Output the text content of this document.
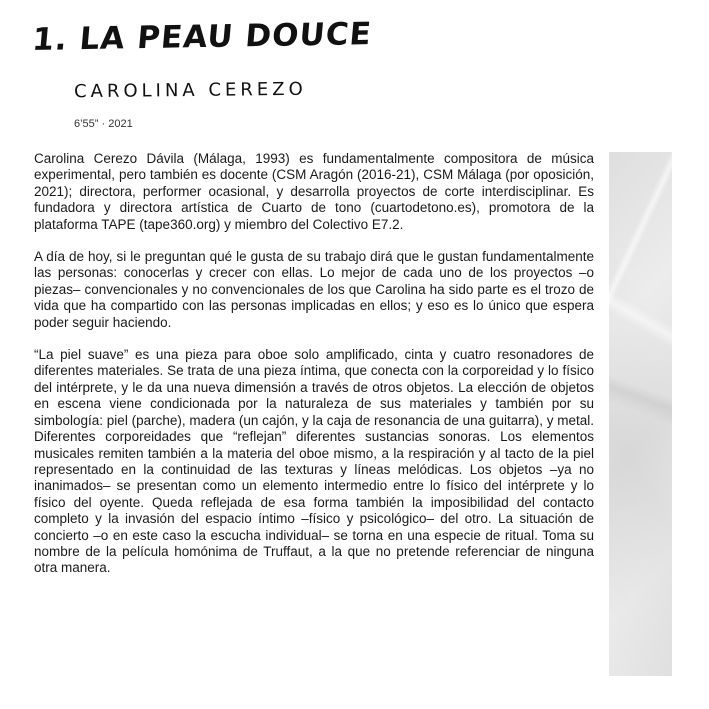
1. LA PEAU DOUCE
CAROLINA CEREZO
6’55” · 2021

Carolina Cerezo Dávila (Málaga, 1993) es fundamentalmente compositora de música experimental, pero también es docente (CSM Aragón (2016-21), CSM Málaga (por oposición, 2021); directora, performer ocasional, y desarrolla proyectos de corte interdisciplinar. Es fundadora y directora artística de Cuarto de tono (cuartodetono.es), promotora de la plataforma TAPE (tape360.org) y miembro del Colectivo E7.2.

A día de hoy, si le preguntan qué le gusta de su trabajo dirá que le gustan fundamentalmente las personas: conocerlas y crecer con ellas. Lo mejor de cada uno de los proyectos –o piezas– convencionales y no convencionales de los que Carolina ha sido parte es el trozo de vida que ha compartido con las personas implicadas en ellos; y eso es lo único que espera poder seguir haciendo.

“La piel suave” es una pieza para oboe solo amplificado, cinta y cuatro resonadores de diferentes materiales. Se trata de una pieza íntima, que conecta con la corporeidad y lo físico del intérprete, y le da una nueva dimensión a través de otros objetos. La elección de objetos en escena viene condicionada por la naturaleza de sus materiales y también por su simbología: piel (parche), madera (un cajón, y la caja de resonancia de una guitarra), y metal. Diferentes corporeidades que “reflejan” diferentes sustancias sonoras. Los elementos musicales remiten también a la materia del oboe mismo, a la respiración y al tacto de la piel representado en la continuidad de las texturas y líneas melódicas. Los objetos –ya no inanimados– se presentan como un elemento intermedio entre lo físico del intérprete y lo físico del oyente. Queda reflejada de esa forma también la imposibilidad del contacto completo y la invasión del espacio íntimo –físico y psicológico– del otro. La situación de concierto –o en este caso la escucha individual– se torna en una especie de ritual. Toma su nombre de la película homónima de Truffaut, a la que no pretende referenciar de ninguna otra manera.
